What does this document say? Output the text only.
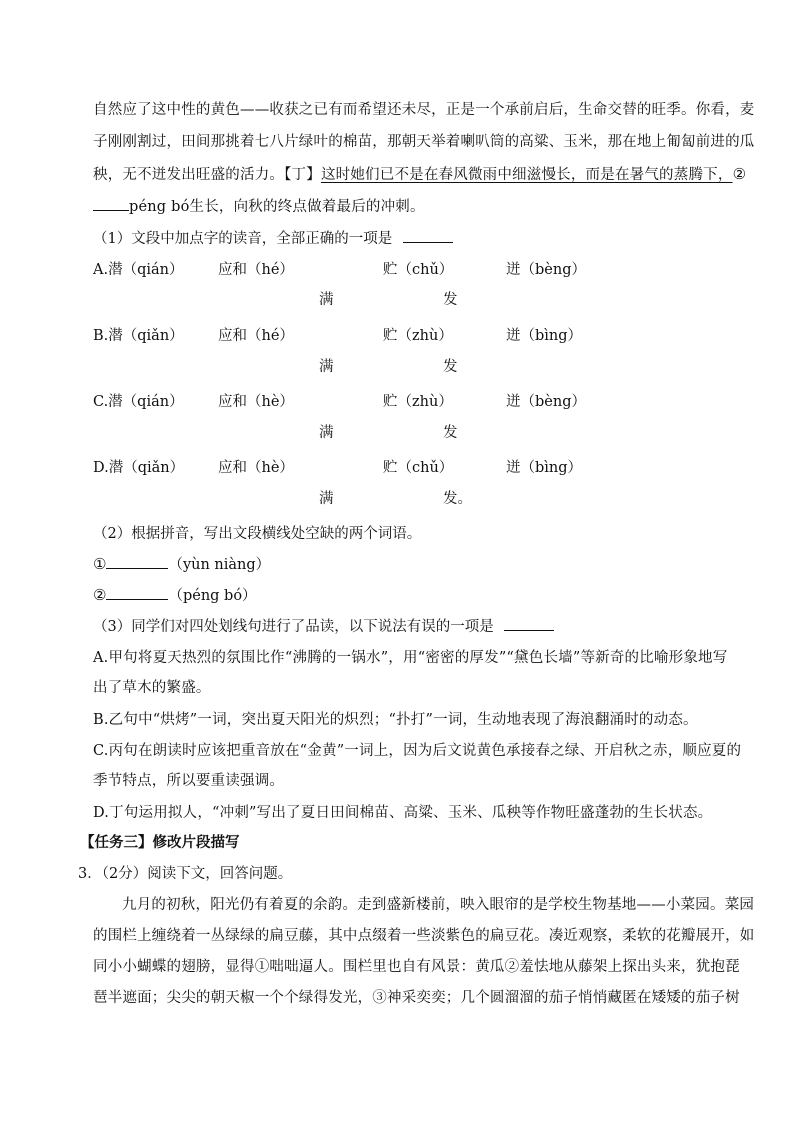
自然应了这中性的黄色——收获之已有而希望还未尽，正是一个承前启后，生命交替的旺季。你看，麦
子刚刚割过，田间那挑着七八片绿叶的棉苗，那朝天举着喇叭筒的高粱、玉米，那在地上匍匐前进的瓜
秧，无不迸发出旺盛的活力。【丁】这时她们已不是在春风微雨中细滋慢长，而是在暑气的蒸腾下，②
péng bó生长，向秋的终点做着最后的冲刺。
（1）文段中加点字的读音，全部正确的一项是
A.潜（qián） 应和（hé）	贮（chǔ）	迸（bèng）
满	发
B.潜（qiǎn） 应和（hé）	贮（zhù）	迸（bìng）
满	发
C.潜（qián） 应和（hè）	贮（zhù）	迸（bèng）
满	发
D.潜（qiǎn） 应和（hè）	贮（chǔ）	迸（bìng）
满	发。
（2）根据拼音，写出文段横线处空缺的两个词语。
①	（yùn niàng）
②	（péng bó）
（3）同学们对四处划线句进行了品读，以下说法有误的一项是
A.甲句将夏天热烈的氛围比作“沸腾的一锅水”，用“密密的厚发”“黛色长墙”等新奇的比喻形象地写
出了草木的繁盛。
B.乙句中“烘烤”一词，突出夏天阳光的炽烈；“扑打”一词，生动地表现了海浪翻涌时的动态。
C.丙句在朗读时应该把重音放在“金黄”一词上，因为后文说黄色承接春之绿、开启秋之赤，顺应夏的
季节特点，所以要重读强调。
D.丁句运用拟人，“冲刺”写出了夏日田间棉苗、高粱、玉米、瓜秧等作物旺盛蓬勃的生长状态。
【任务三】修改片段描写
3．（2分）阅读下文，回答问题。
九月的初秋，阳光仍有着夏的余韵。走到盛新楼前，映入眼帘的是学校生物基地——小菜园。菜园
的围栏上缠绕着一丛绿绿的扁豆藤，其中点缀着一些淡紫色的扁豆花。凑近观察，柔软的花瓣展开，如
同小小蝴蝶的翅膀，显得①咄咄逼人。围栏里也自有风景：黄瓜②羞怯地从藤架上探出头来，犹抱琵
琶半遮面；尖尖的朝天椒一个个绿得发光，③神采奕奕；几个圆溜溜的茄子悄悄藏匿在矮矮的茄子树
